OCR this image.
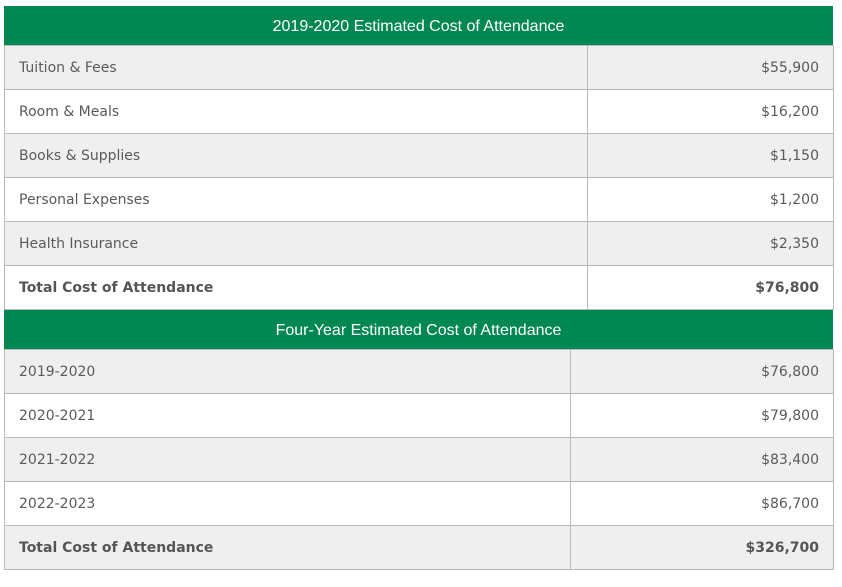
2019-2020 Estimated Cost of Attendance
Tuition & Fees	$55,900
Room & Meals	$16,200
Books & Supplies	$1,150
Personal Expenses	$1,200
Health Insurance	$2,350
Total Cost of Attendance	$76,800
Four-Year Estimated Cost of Attendance
2019-2020	$76,800
2020-2021	$79,800
2021-2022	$83,400
2022-2023	$86,700
Total Cost of Attendance	$326,700
